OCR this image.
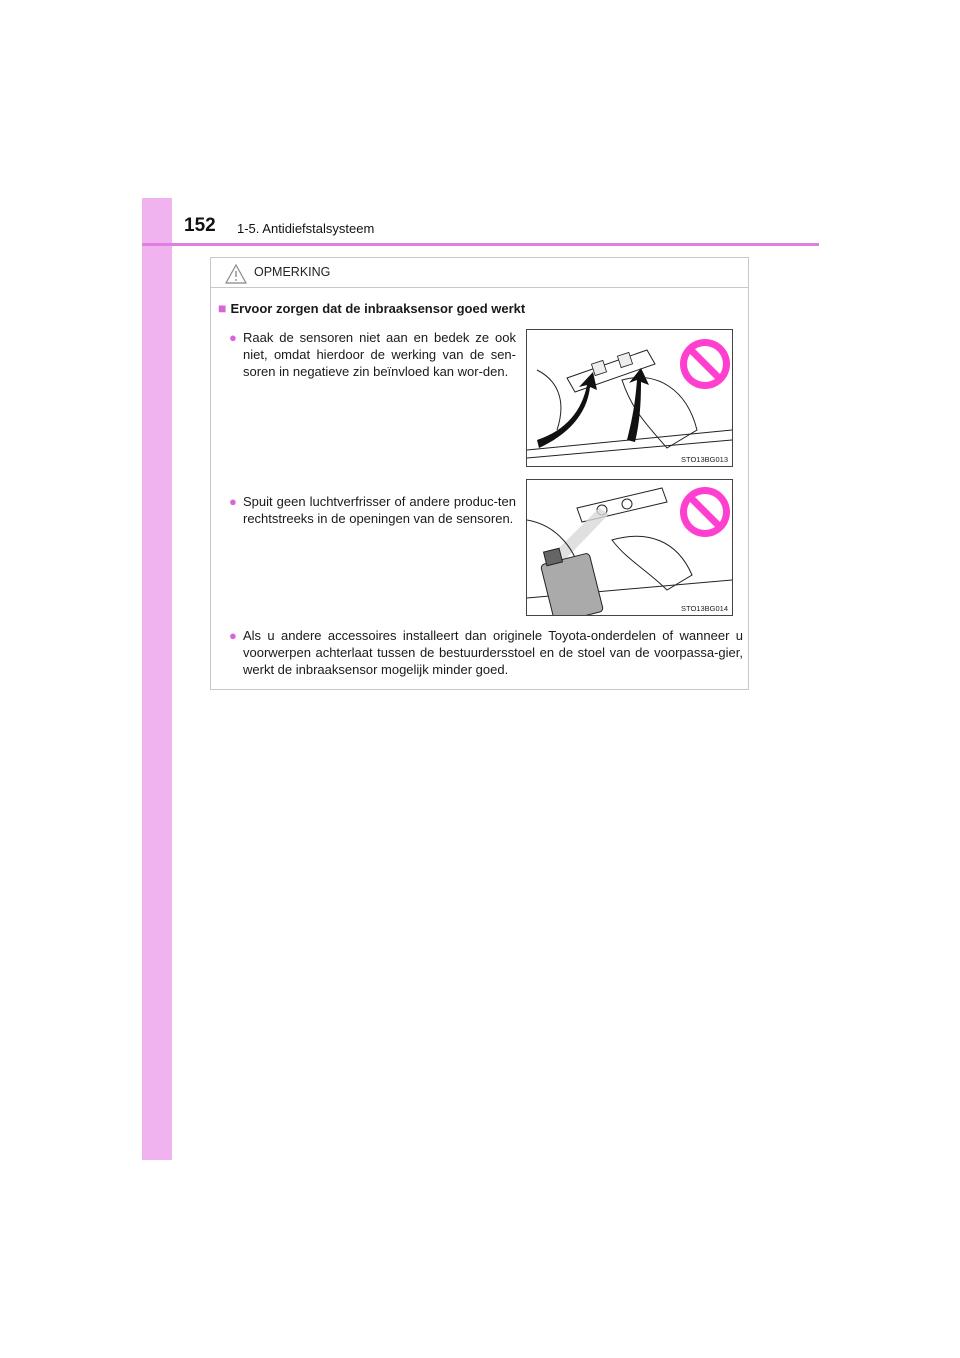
152 1-5. Antidiefstalsysteem
OPMERKING
■ Ervoor zorgen dat de inbraaksensor goed werkt
● Raak de sensoren niet aan en bedek ze ook niet, omdat hierdoor de werking van de sen-soren in negatieve zin beïnvloed kan wor-den.
STO13BG013
● Spuit geen luchtverfrisser of andere produc-ten rechtstreeks in de openingen van de sensoren.
STO13BG014
● Als u andere accessoires installeert dan originele Toyota-onderdelen of wanneer u voorwerpen achterlaat tussen de bestuurdersstoel en de stoel van de voorpassa-gier, werkt de inbraaksensor mogelijk minder goed.
